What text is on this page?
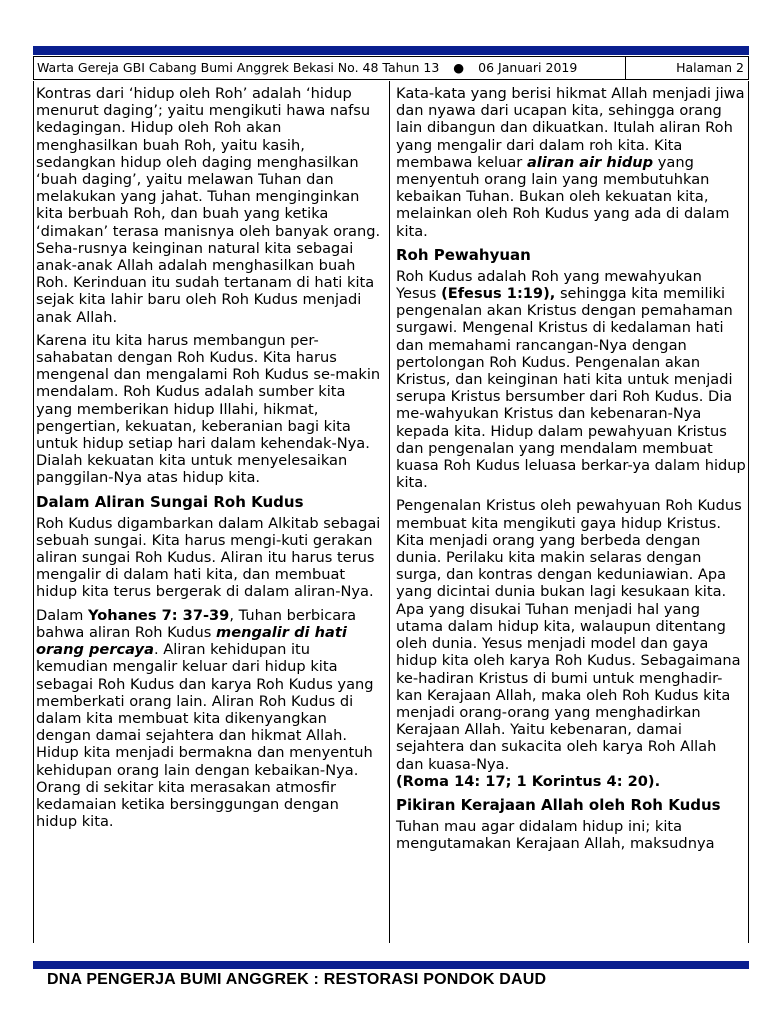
Warta Gereja GBI Cabang Bumi Anggrek Bekasi No. 48 Tahun 13 ● 06 Januari 2019	Halaman 2

Kontras dari ‘hidup oleh Roh’ adalah ‘hidup menurut daging’; yaitu mengikuti hawa nafsu kedagingan. Hidup oleh Roh akan menghasilkan buah Roh, yaitu kasih, sedangkan hidup oleh daging menghasilkan ‘buah daging’, yaitu melawan Tuhan dan melakukan yang jahat. Tuhan menginginkan kita berbuah Roh, dan buah yang ketika ‘dimakan’ terasa manisnya oleh banyak orang. Seha-rusnya keinginan natural kita sebagai anak-anak Allah adalah menghasilkan buah Roh. Kerinduan itu sudah tertanam di hati kita sejak kita lahir baru oleh Roh Kudus menjadi anak Allah.

Karena itu kita harus membangun per-sahabatan dengan Roh Kudus. Kita harus mengenal dan mengalami Roh Kudus se-makin mendalam. Roh Kudus adalah sumber kita yang memberikan hidup Illahi, hikmat, pengertian, kekuatan, keberanian bagi kita untuk hidup setiap hari dalam kehendak-Nya. Dialah kekuatan kita untuk menyelesaikan panggilan-Nya atas hidup kita.

Dalam Aliran Sungai Roh Kudus

Roh Kudus digambarkan dalam Alkitab sebagai sebuah sungai. Kita harus mengi-kuti gerakan aliran sungai Roh Kudus. Aliran itu harus terus mengalir di dalam hati kita, dan membuat hidup kita terus bergerak di dalam aliran-Nya.

Dalam Yohanes 7: 37-39, Tuhan berbicara bahwa aliran Roh Kudus mengalir di hati orang percaya. Aliran kehidupan itu kemudian mengalir keluar dari hidup kita sebagai Roh Kudus dan karya Roh Kudus yang memberkati orang lain. Aliran Roh Kudus di dalam kita membuat kita dikenyangkan dengan damai sejahtera dan hikmat Allah. Hidup kita menjadi bermakna dan menyentuh kehidupan orang lain dengan kebaikan-Nya. Orang di sekitar kita merasakan atmosfir kedamaian ketika bersinggungan dengan hidup kita.

Kata-kata yang berisi hikmat Allah menjadi jiwa dan nyawa dari ucapan kita, sehingga orang lain dibangun dan dikuatkan. Itulah aliran Roh yang mengalir dari dalam roh kita. Kita membawa keluar aliran air hidup yang menyentuh orang lain yang membutuhkan kebaikan Tuhan. Bukan oleh kekuatan kita, melainkan oleh Roh Kudus yang ada di dalam kita.

Roh Pewahyuan

Roh Kudus adalah Roh yang mewahyukan Yesus (Efesus 1:19), sehingga kita memiliki pengenalan akan Kristus dengan pemahaman surgawi. Mengenal Kristus di kedalaman hati dan memahami rancangan-Nya dengan pertolongan Roh Kudus. Pengenalan akan Kristus, dan keinginan hati kita untuk menjadi serupa Kristus bersumber dari Roh Kudus. Dia me-wahyukan Kristus dan kebenaran-Nya kepada kita. Hidup dalam pewahyuan Kristus dan pengenalan yang mendalam membuat kuasa Roh Kudus leluasa berkar-ya dalam hidup kita.

Pengenalan Kristus oleh pewahyuan Roh Kudus membuat kita mengikuti gaya hidup Kristus. Kita menjadi orang yang berbeda dengan dunia. Perilaku kita makin selaras dengan surga, dan kontras dengan keduniawian. Apa yang dicintai dunia bukan lagi kesukaan kita. Apa yang disukai Tuhan menjadi hal yang utama dalam hidup kita, walaupun ditentang oleh dunia. Yesus menjadi model dan gaya hidup kita oleh karya Roh Kudus. Sebagaimana ke-hadiran Kristus di bumi untuk menghadir-kan Kerajaan Allah, maka oleh Roh Kudus kita menjadi orang-orang yang menghadirkan Kerajaan Allah. Yaitu kebenaran, damai sejahtera dan sukacita oleh karya Roh Allah dan kuasa-Nya.
(Roma 14: 17; 1 Korintus 4: 20).

Pikiran Kerajaan Allah oleh Roh Kudus

Tuhan mau agar didalam hidup ini; kita mengutamakan Kerajaan Allah, maksudnya

DNA PENGERJA BUMI ANGGREK : RESTORASI PONDOK DAUD
